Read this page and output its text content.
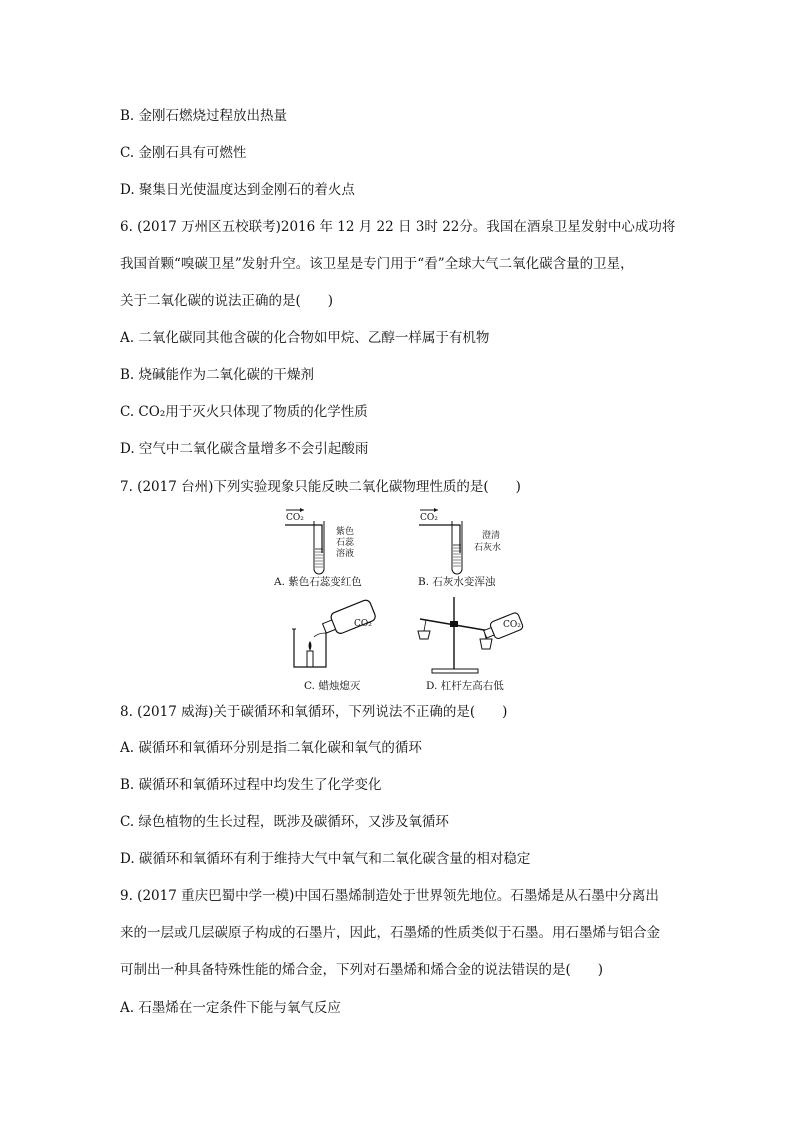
B. 金刚石燃烧过程放出热量
C. 金刚石具有可燃性
D. 聚集日光使温度达到金刚石的着火点
6. (2017 万州区五校联考)2016 年 12 月 22 日 3时 22分。我国在酒泉卫星发射中心成功将
我国首颗“嗅碳卫星”发射升空。该卫星是专门用于“看”全球大气二氧化碳含量的卫星，
关于二氧化碳的说法正确的是(　　)
A. 二氧化碳同其他含碳的化合物如甲烷、乙醇一样属于有机物
B. 烧碱能作为二氧化碳的干燥剂
C. CO₂用于灭火只体现了物质的化学性质
D. 空气中二氧化碳含量增多不会引起酸雨
7. (2017 台州)下列实验现象只能反映二氧化碳物理性质的是(　　)
CO₂
紫色
石蕊
溶液
A. 紫色石蕊变红色
CO₂
澄清
石灰水
B. 石灰水变浑浊
CO₂
C. 蜡烛熄灭
CO₂
D. 杠杆左高右低
8. (2017 威海)关于碳循环和氧循环，下列说法不正确的是(　　)
A. 碳循环和氧循环分别是指二氧化碳和氧气的循环
B. 碳循环和氧循环过程中均发生了化学变化
C. 绿色植物的生长过程，既涉及碳循环，又涉及氧循环
D. 碳循环和氧循环有利于维持大气中氧气和二氧化碳含量的相对稳定
9. (2017 重庆巴蜀中学一模)中国石墨烯制造处于世界领先地位。石墨烯是从石墨中分离出
来的一层或几层碳原子构成的石墨片，因此，石墨烯的性质类似于石墨。用石墨烯与铝合金
可制出一种具备特殊性能的烯合金，下列对石墨烯和烯合金的说法错误的是(　　)
A. 石墨烯在一定条件下能与氧气反应
